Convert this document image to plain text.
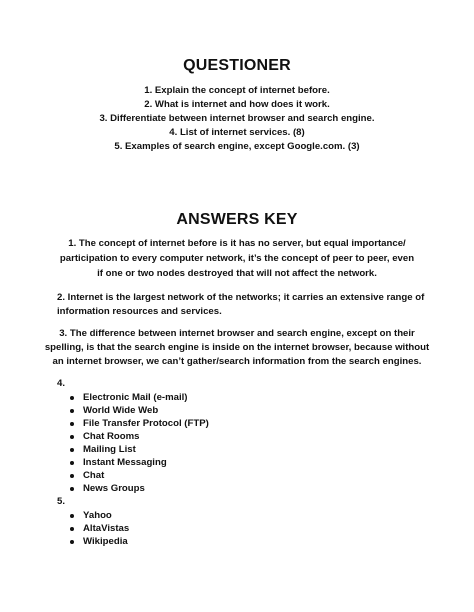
QUESTIONER
1. Explain the concept of internet before.
2. What is internet and how does it work.
3. Differentiate between internet browser and search engine.
4. List of internet services. (8)
5. Examples of search engine, except Google.com. (3)
ANSWERS KEY
1. The concept of internet before is it has no server, but equal importance/
participation to every computer network, it’s the concept of peer to peer, even
if one or two nodes destroyed that will not affect the network.
2. Internet is the largest network of the networks; it carries an extensive range of
information resources and services.
3. The difference between internet browser and search engine, except on their
spelling, is that the search engine is inside on the internet browser, because without
an internet browser, we can’t gather/search information from the search engines.
4.
Electronic Mail (e-mail)
World Wide Web
File Transfer Protocol (FTP)
Chat Rooms
Mailing List
Instant Messaging
Chat
News Groups
5.
Yahoo
AltaVistas
Wikipedia
